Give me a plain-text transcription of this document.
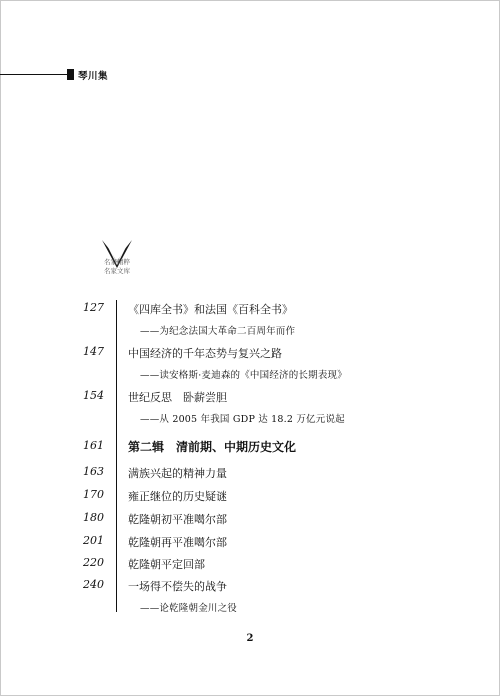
琴川集
名家精粹
名家文库
127 《四库全书》和法国《百科全书》
——为纪念法国大革命二百周年而作
147 中国经济的千年态势与复兴之路
——读安格斯·麦迪森的《中国经济的长期表现》
154 世纪反思　卧薪尝胆
——从 2005 年我国 GDP 达 18.2 万亿元说起
161 第二辑　清前期、中期历史文化
163 满族兴起的精神力量
170 雍正继位的历史疑谜
180 乾隆朝初平准噶尔部
201 乾隆朝再平准噶尔部
220 乾隆朝平定回部
240 一场得不偿失的战争
——论乾隆朝金川之役
2
